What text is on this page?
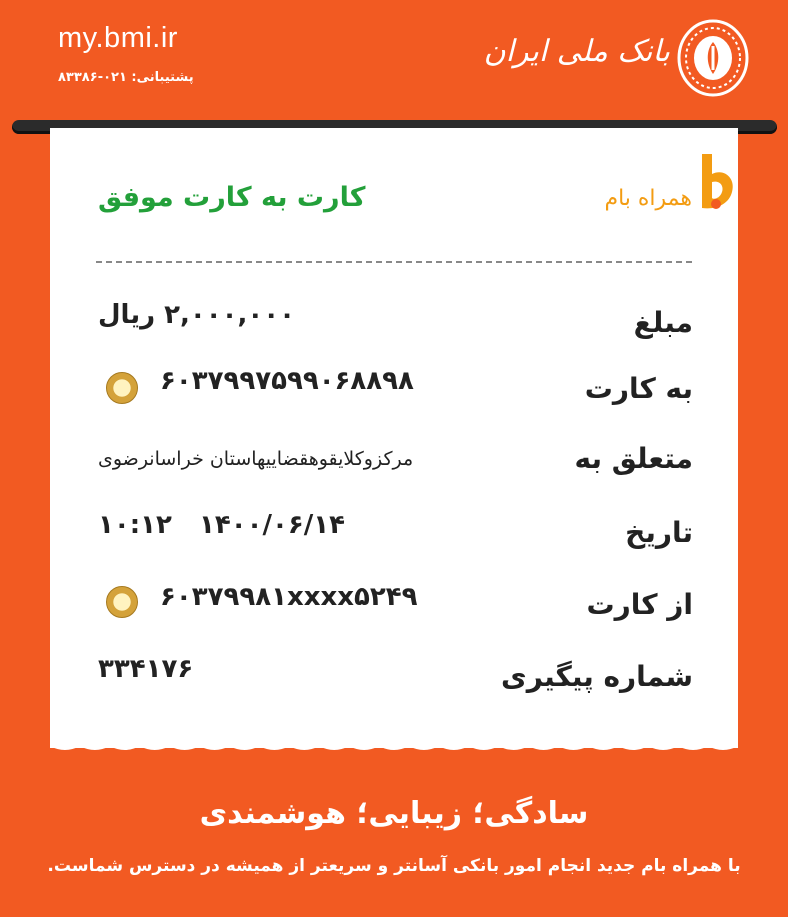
my.bmi.ir
پشتیبانی: ۰۲۱-۸۳۳۸۶
بانک ملی ایران
همراه بام
کارت به کارت موفق
مبلغ
۲,۰۰۰,۰۰۰ ریال
به کارت
۶۰۳۷۹۹۷۵۹۹۰۶۸۸۹۸
متعلق به
مرکزوکلایقوهقضاییهاستان خراسانرضوی
تاریخ
۱۴۰۰/۰۶/۱۴   ۱۰:۱۲
از کارت
۶۰۳۷۹۹۸۱xxxx۵۲۴۹
شماره پیگیری
۳۳۴۱۷۶
سادگی؛ زیبایی؛ هوشمندی
با همراه بام جدید انجام امور بانکی آسانتر و سریعتر از همیشه در دسترس شماست.
